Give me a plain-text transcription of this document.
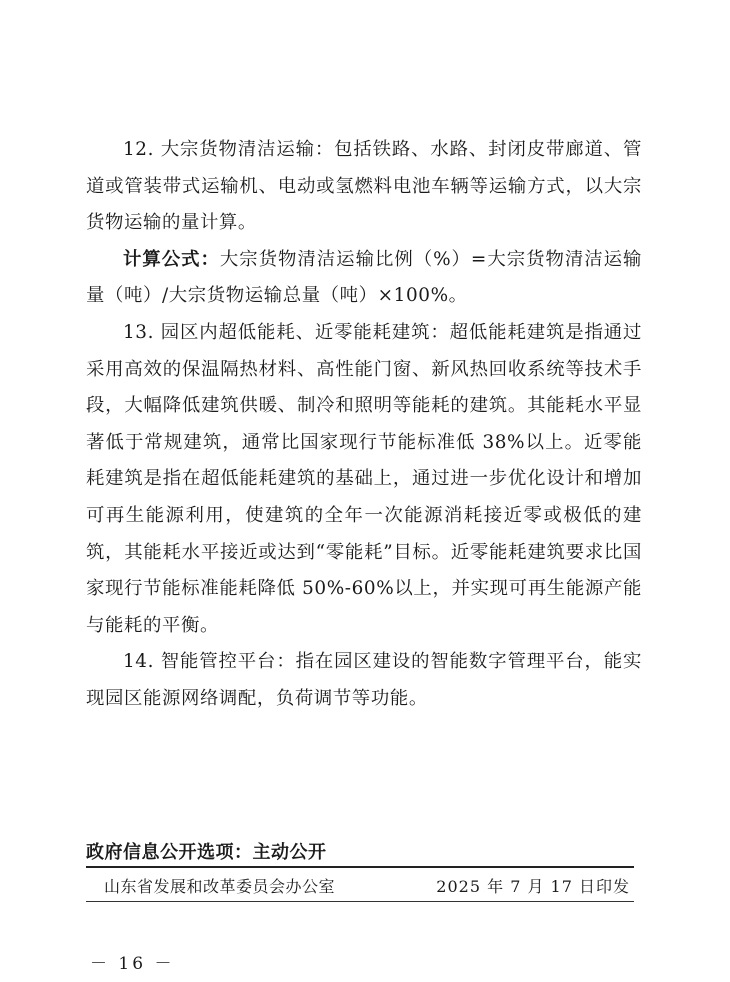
12. 大宗货物清洁运输：包括铁路、水路、封闭皮带廊道、管道或管装带式运输机、电动或氢燃料电池车辆等运输方式，以大宗货物运输的量计算。

计算公式：大宗货物清洁运输比例（%）=大宗货物清洁运输量（吨）/大宗货物运输总量（吨）×100%。

13. 园区内超低能耗、近零能耗建筑：超低能耗建筑是指通过采用高效的保温隔热材料、高性能门窗、新风热回收系统等技术手段，大幅降低建筑供暖、制冷和照明等能耗的建筑。其能耗水平显著低于常规建筑，通常比国家现行节能标准低 38%以上。近零能耗建筑是指在超低能耗建筑的基础上，通过进一步优化设计和增加可再生能源利用，使建筑的全年一次能源消耗接近零或极低的建筑，其能耗水平接近或达到“零能耗”目标。近零能耗建筑要求比国家现行节能标准能耗降低 50%-60%以上，并实现可再生能源产能与能耗的平衡。

14. 智能管控平台：指在园区建设的智能数字管理平台，能实现园区能源网络调配，负荷调节等功能。

政府信息公开选项：主动公开
山东省发展和改革委员会办公室	2025 年 7 月 17 日印发
－ 16 －
